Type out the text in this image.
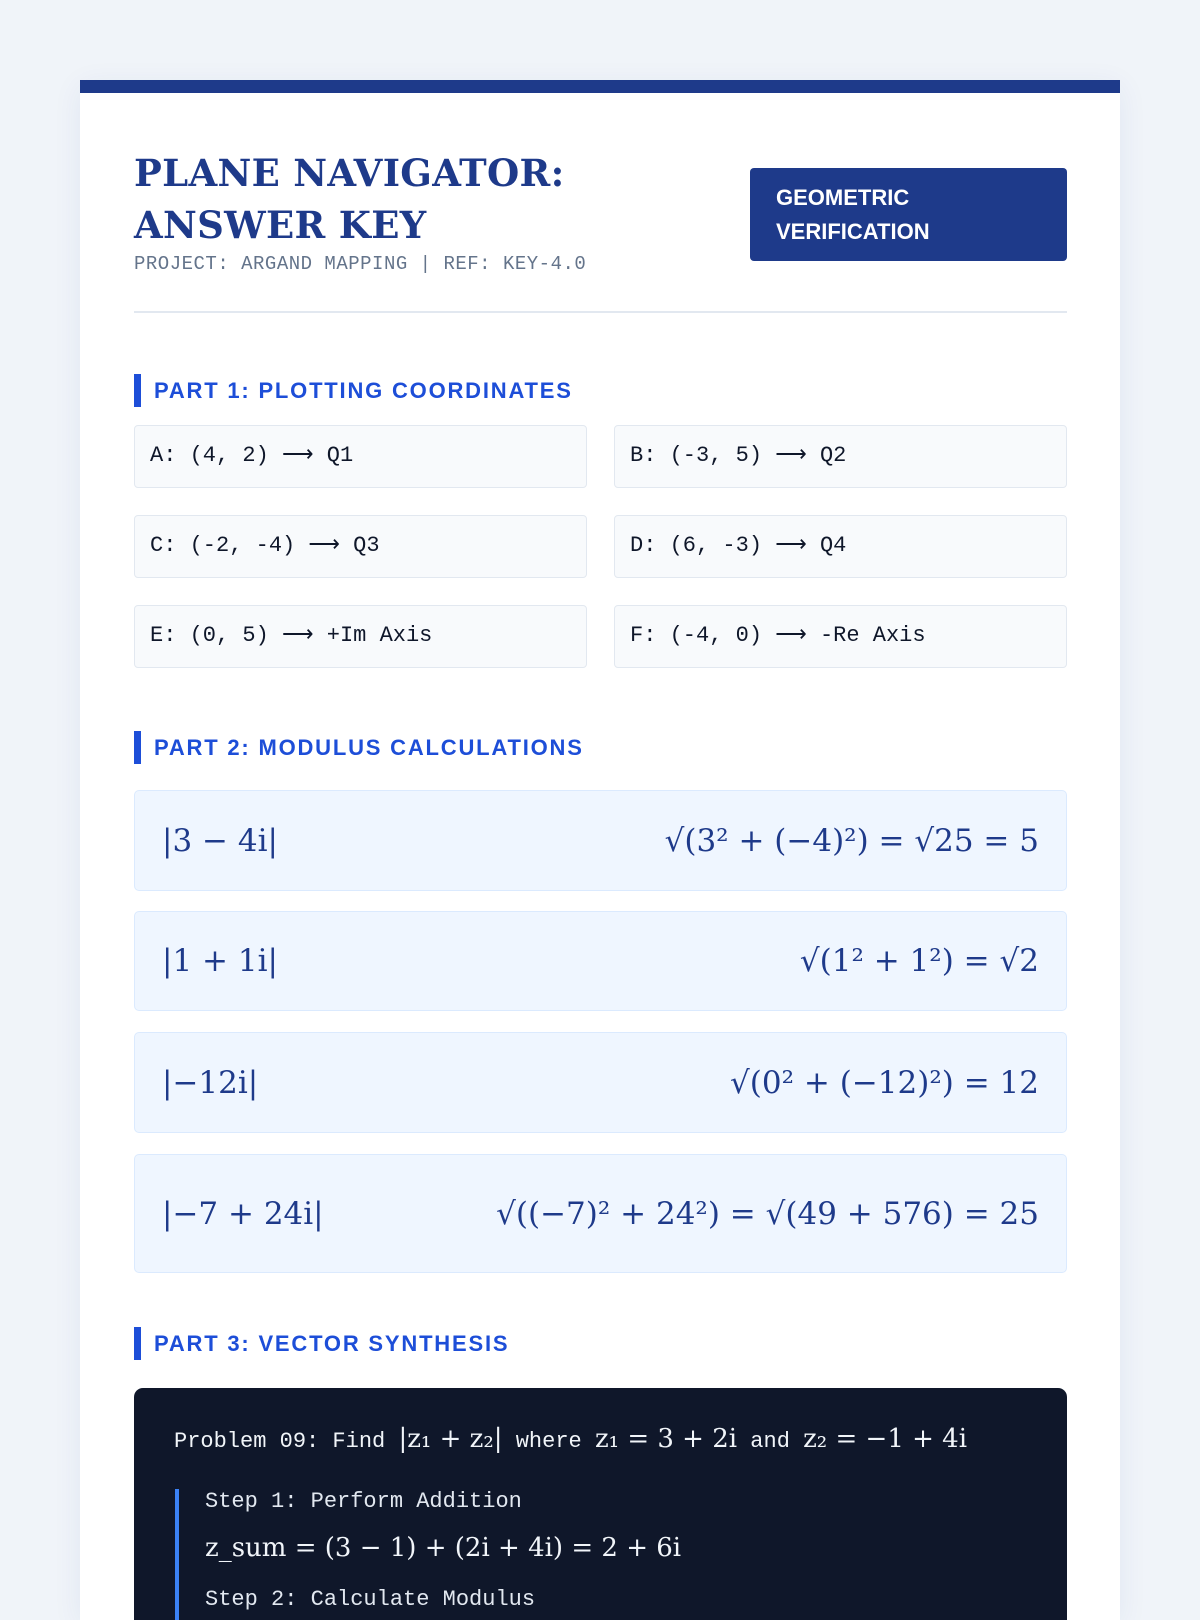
PLANE NAVIGATOR: ANSWER KEY
PROJECT: ARGAND MAPPING | REF: KEY-4.0
GEOMETRIC VERIFICATION
PART 1: PLOTTING COORDINATES
A: (4, 2) ⟶ Q1	B: (-3, 5) ⟶ Q2
C: (-2, -4) ⟶ Q3	D: (6, -3) ⟶ Q4
E: (0, 5) ⟶ +Im Axis	F: (-4, 0) ⟶ -Re Axis
PART 2: MODULUS CALCULATIONS
|3 − 4i|	√(3² + (−4)²) = √25 = 5
|1 + 1i|	√(1² + 1²) = √2
|−12i|	√(0² + (−12)²) = 12
|−7 + 24i|	√((−7)² + 24²) = √(49 + 576) = 25
PART 3: VECTOR SYNTHESIS
Problem 09: Find |z₁ + z₂| where z₁ = 3 + 2i and z₂ = −1 + 4i
Step 1: Perform Addition
z_sum = (3 − 1) + (2i + 4i) = 2 + 6i
Step 2: Calculate Modulus
